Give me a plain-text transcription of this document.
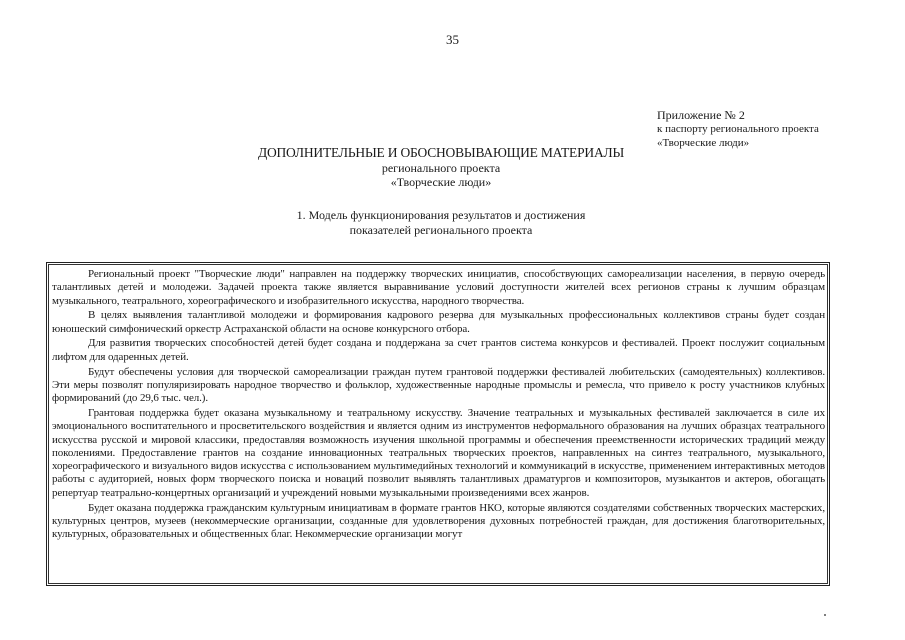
35
Приложение № 2
к паспорту регионального проекта
«Творческие люди»
ДОПОЛНИТЕЛЬНЫЕ И ОБОСНОВЫВАЮЩИЕ МАТЕРИАЛЫ
регионального проекта
«Творческие люди»
1. Модель функционирования результатов и достижения
показателей регионального проекта

Региональный проект "Творческие люди" направлен на поддержку творческих инициатив, способствующих самореализации населения, в первую очередь талантливых детей и молодежи. Задачей проекта также является выравнивание условий доступности жителей всех регионов страны к лучшим образцам музыкального, театрального, хореографического и изобразительного искусства, народного творчества.

В целях выявления талантливой молодежи и формирования кадрового резерва для музыкальных профессиональных коллективов страны будет создан юношеский симфонический оркестр Астраханской области на основе конкурсного отбора.

Для развития творческих способностей детей будет создана и поддержана за счет грантов система конкурсов и фестивалей. Проект послужит социальным лифтом для одаренных детей.

Будут обеспечены условия для творческой самореализации граждан путем грантовой поддержки фестивалей любительских (самодеятельных) коллективов. Эти меры позволят популяризировать народное творчество и фольклор, художественные народные промыслы и ремесла, что привело к росту участников клубных формирований (до 29,6 тыс. чел.).

Грантовая поддержка будет оказана музыкальному и театральному искусству. Значение театральных и музыкальных фестивалей заключается в силе их эмоционального воспитательного и просветительского воздействия и является одним из инструментов неформального образования на лучших образцах театрального искусства русской и мировой классики, предоставляя возможность изучения школьной программы и обеспечения преемственности исторических традиций между поколениями. Предоставление грантов на создание инновационных театральных творческих проектов, направленных на синтез театрального, музыкального, хореографического и визуального видов искусства с использованием мультимедийных технологий и коммуникаций в искусстве, применением интерактивных методов работы с аудиторией, новых форм творческого поиска и новаций позволит выявлять талантливых драматургов и композиторов, музыкантов и актеров, обогащать репертуар театрально-концертных организаций и учреждений новыми музыкальными произведениями всех жанров.

Будет оказана поддержка гражданским культурным инициативам в формате грантов НКО, которые являются создателями собственных творческих мастерских, культурных центров, музеев (некоммерческие организации, созданные для удовлетворения духовных потребностей граждан, для достижения благотворительных, культурных, образовательных и общественных благ. Некоммерческие организации могут
